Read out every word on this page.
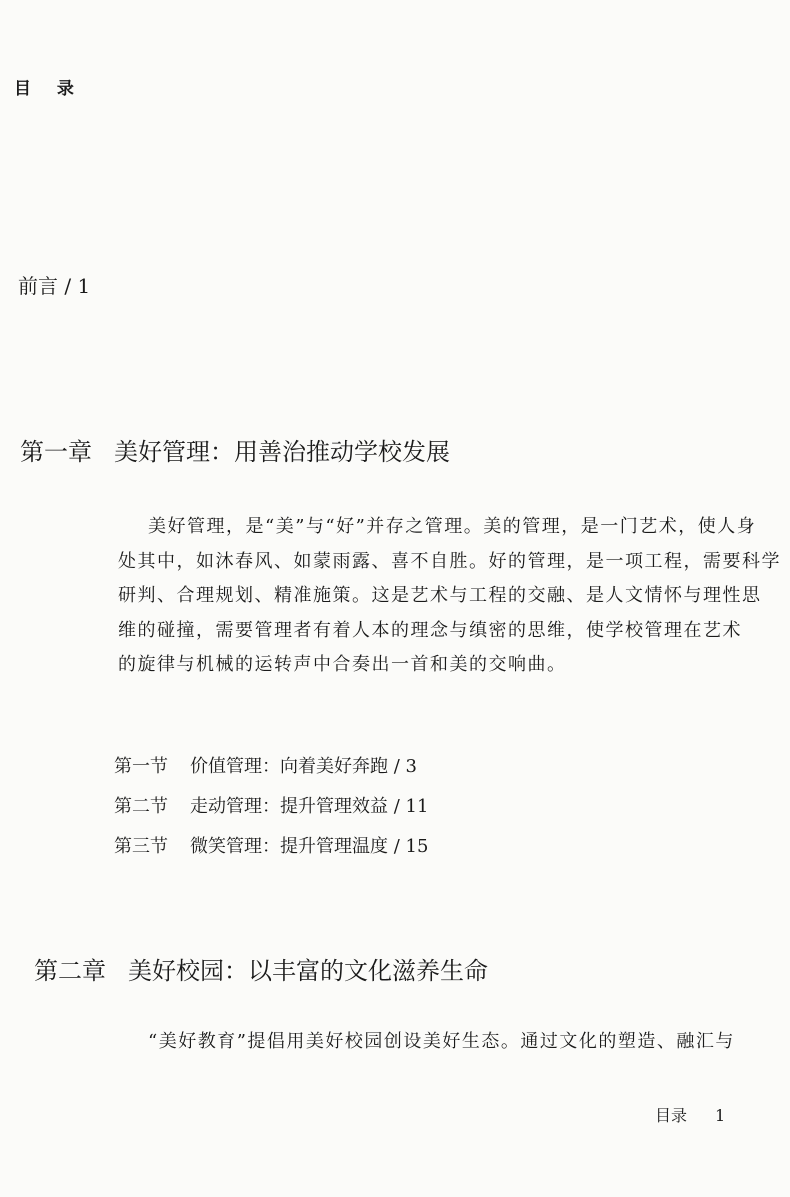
目 录
前言 / 1
第一章 美好管理：用善治推动学校发展
美好管理，是“美”与“好”并存之管理。美的管理，是一门艺术，使人身
处其中，如沐春风、如蒙雨露、喜不自胜。好的管理，是一项工程，需要科学
研判、合理规划、精准施策。这是艺术与工程的交融、是人文情怀与理性思
维的碰撞，需要管理者有着人本的理念与缜密的思维，使学校管理在艺术
的旋律与机械的运转声中合奏出一首和美的交响曲。
第一节 价值管理：向着美好奔跑 / 3
第二节 走动管理：提升管理效益 / 11
第三节 微笑管理：提升管理温度 / 15
第二章 美好校园：以丰富的文化滋养生命
“美好教育”提倡用美好校园创设美好生态。通过文化的塑造、融汇与
目录 1
